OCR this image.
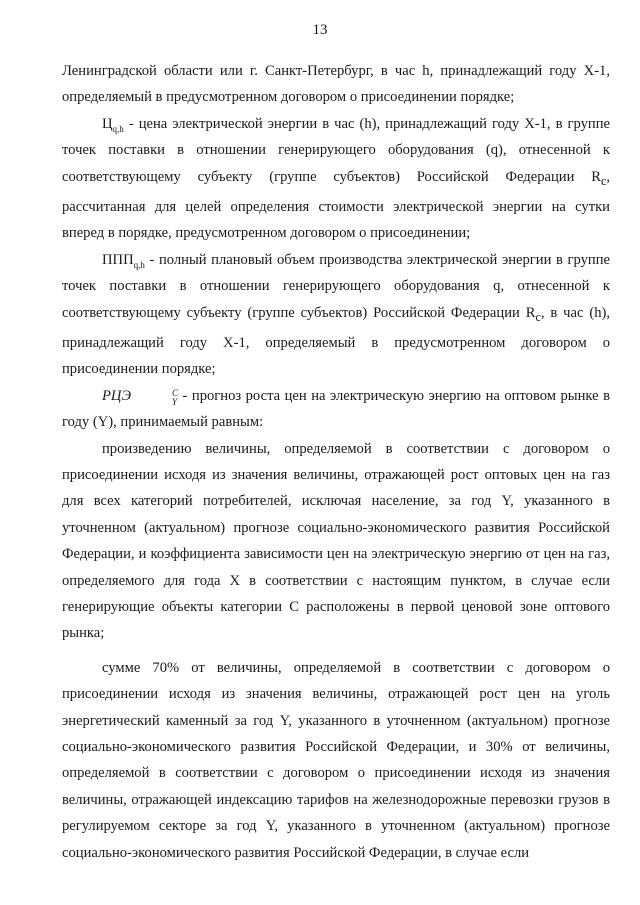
13

Ленинградской области или г. Санкт-Петербург, в час h, принадлежащий году X-1, определяемый в предусмотренном договором о присоединении порядке;

$Ц_{q,h}$ - цена электрической энергии в час (h), принадлежащий году X-1, в группе точек поставки в отношении генерирующего оборудования (q), отнесенной к соответствующему субъекту (группе субъектов) Российской Федерации $R_c$, рассчитанная для целей определения стоимости электрической энергии на сутки вперед в порядке, предусмотренном договором о присоединении;

$ППП_{q,h}$ - полный плановый объем производства электрической энергии в группе точек поставки в отношении генерирующего оборудования q, отнесенной к соответствующему субъекту (группе субъектов) Российской Федерации $R_c$, в час (h), принадлежащий году X-1, определяемый в предусмотренном договором о присоединении порядке;

РЦЭ	C
Y - прогноз роста цен на электрическую энергию на оптовом рынке в году (Y), принимаемый равным:

произведению величины, определяемой в соответствии с договором о присоединении исходя из значения величины, отражающей рост оптовых цен на газ для всех категорий потребителей, исключая население, за год Y, указанного в уточненном (актуальном) прогнозе социально-экономического развития Российской Федерации, и коэффициента зависимости цен на электрическую энергию от цен на газ, определяемого для года X в соответствии с настоящим пунктом, в случае если генерирующие объекты категории С расположены в первой ценовой зоне оптового рынка;

сумме 70% от величины, определяемой в соответствии с договором о присоединении исходя из значения величины, отражающей рост цен на уголь энергетический каменный за год Y, указанного в уточненном (актуальном) прогнозе социально-экономического развития Российской Федерации, и 30% от величины, определяемой в соответствии с договором о присоединении исходя из значения величины, отражающей индексацию тарифов на железнодорожные перевозки грузов в регулируемом секторе за год Y, указанного в уточненном (актуальном) прогнозе социально-экономического развития Российской Федерации, в случае если
